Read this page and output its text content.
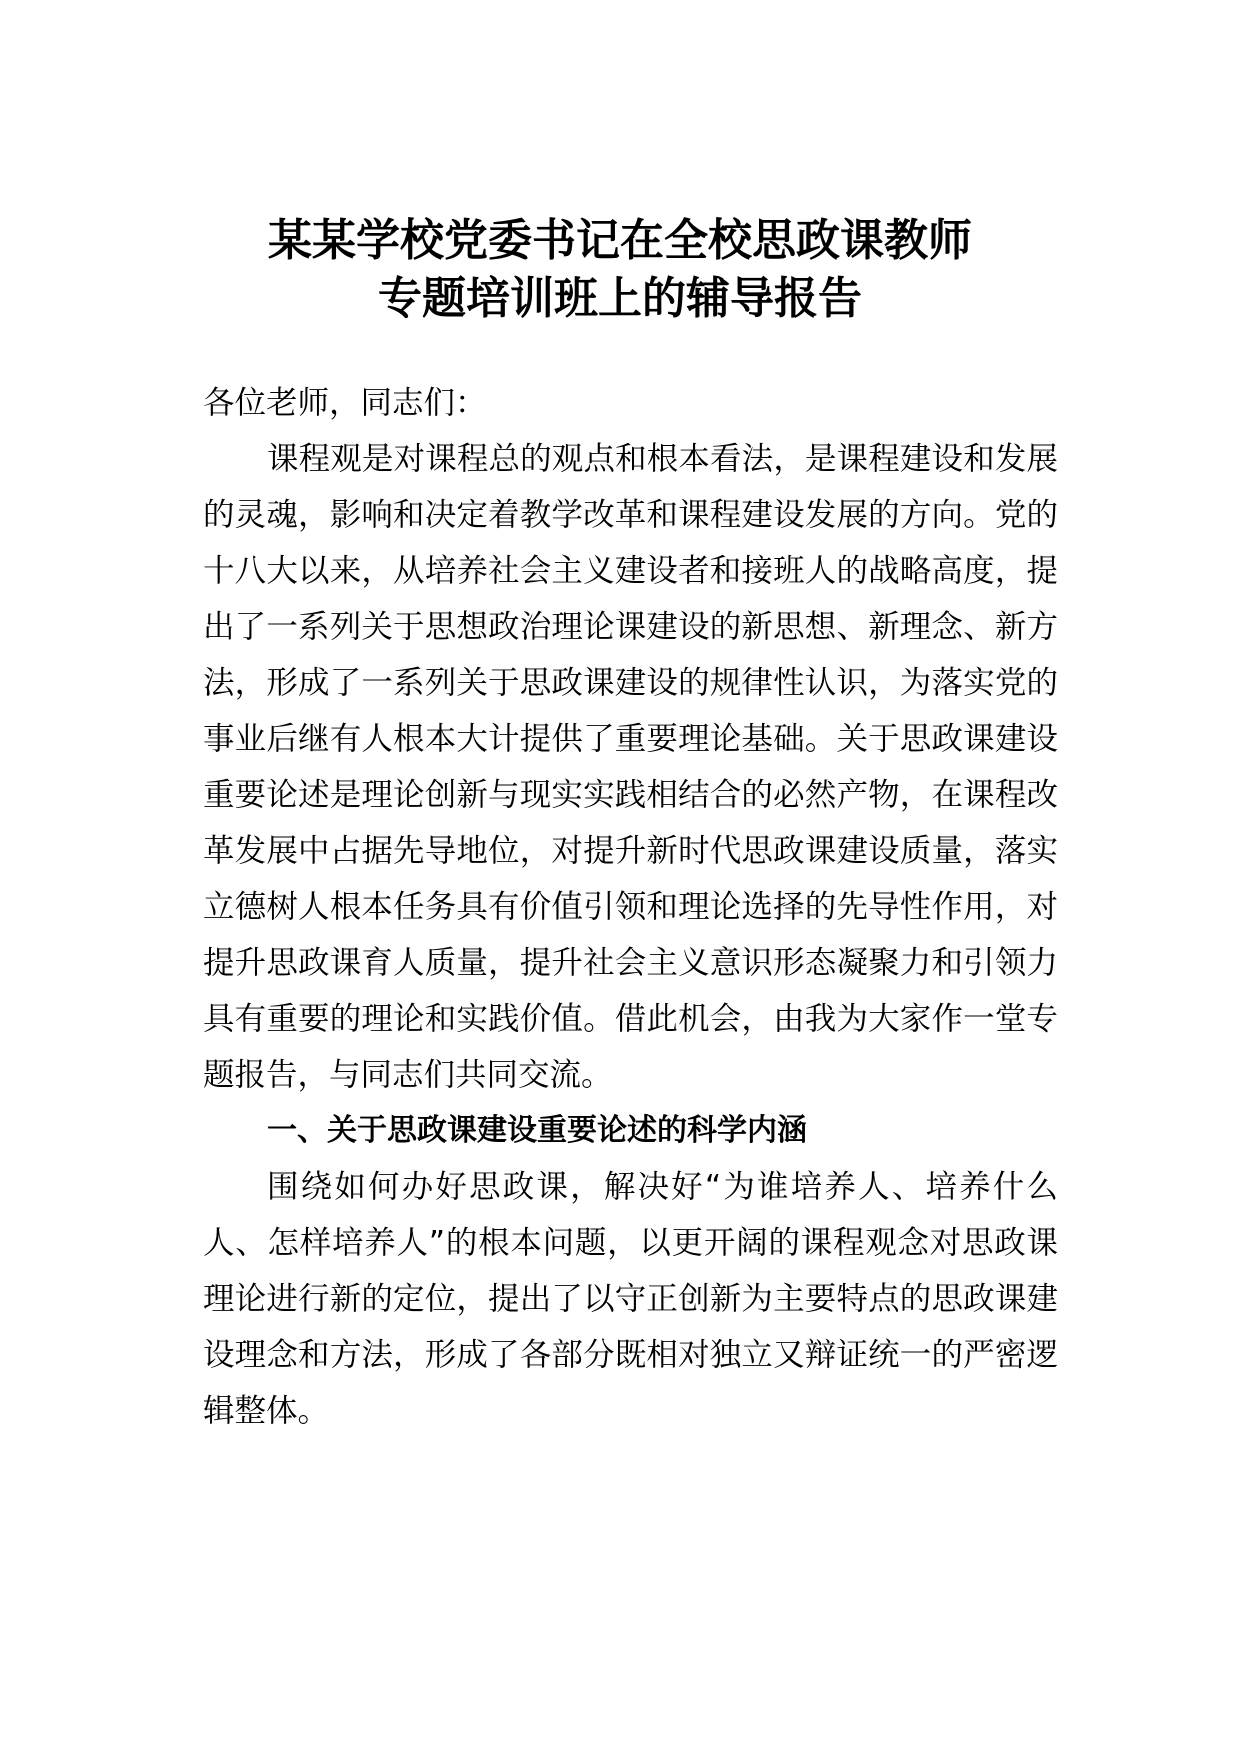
某某学校党委书记在全校思政课教师
专题培训班上的辅导报告

各位老师，同志们：

课程观是对课程总的观点和根本看法，是课程建设和发展的灵魂，影响和决定着教学改革和课程建设发展的方向。党的十八大以来，从培养社会主义建设者和接班人的战略高度，提出了一系列关于思想政治理论课建设的新思想、新理念、新方法，形成了一系列关于思政课建设的规律性认识，为落实党的事业后继有人根本大计提供了重要理论基础。关于思政课建设重要论述是理论创新与现实实践相结合的必然产物，在课程改革发展中占据先导地位，对提升新时代思政课建设质量，落实立德树人根本任务具有价值引领和理论选择的先导性作用，对提升思政课育人质量，提升社会主义意识形态凝聚力和引领力具有重要的理论和实践价值。借此机会，由我为大家作一堂专题报告，与同志们共同交流。

一、关于思政课建设重要论述的科学内涵

围绕如何办好思政课，解决好“为谁培养人、培养什么人、怎样培养人”的根本问题，以更开阔的课程观念对思政课理论进行新的定位，提出了以守正创新为主要特点的思政课建设理念和方法，形成了各部分既相对独立又辩证统一的严密逻辑整体。
